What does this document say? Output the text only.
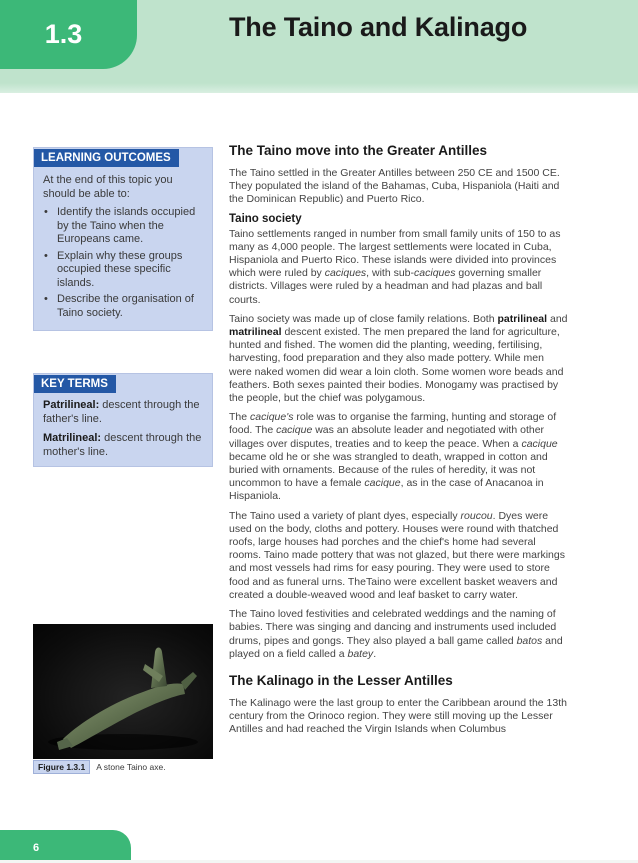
1.3	The Taino and Kalinago
LEARNING OUTCOMES

At the end of this topic you should be able to:

• Identify the islands occupied by the Taino when the Europeans came.
• Explain why these groups occupied these specific islands.
• Describe the organisation of Taino society.
KEY TERMS

Patrilineal: descent through the father's line.

Matrilineal: descent through the mother's line.

Figure 1.3.1	A stone Taino axe.
The Taino move into the Greater Antilles

The Taino settled in the Greater Antilles between 250 CE and 1500 CE. They populated the island of the Bahamas, Cuba, Hispaniola (Haiti and the Dominican Republic) and Puerto Rico.

Taino society

Taino settlements ranged in number from small family units of 150 to as many as 4,000 people. The largest settlements were located in Cuba, Hispaniola and Puerto Rico. These islands were divided into provinces which were ruled by caciques, with sub-caciques governing smaller districts. Villages were ruled by a headman and had plazas and ball courts.

Taino society was made up of close family relations. Both patrilineal and matrilineal descent existed. The men prepared the land for agriculture, hunted and fished. The women did the planting, weeding, fertilising, harvesting, food preparation and they also made pottery. While men were naked women did wear a loin cloth. Some women wore beads and feathers. Both sexes painted their bodies. Monogamy was practised by the people, but the chief was polygamous.

The cacique's role was to organise the farming, hunting and storage of food. The cacique was an absolute leader and negotiated with other villages over disputes, treaties and to keep the peace. When a cacique became old he or she was strangled to death, wrapped in cotton and buried with ornaments. Because of the rules of heredity, it was not uncommon to have a female cacique, as in the case of Anacanoa in Hispaniola.

The Taino used a variety of plant dyes, especially roucou. Dyes were used on the body, cloths and pottery. Houses were round with thatched roofs, large houses had porches and the chief's home had several rooms. Taino made pottery that was not glazed, but there were markings and most vessels had rims for easy pouring. They were used to store food and as funeral urns. TheTaino were excellent basket weavers and created a double-weaved wood and leaf basket to carry water.

The Taino loved festivities and celebrated weddings and the naming of babies. There was singing and dancing and instruments used included drums, pipes and gongs. They also played a ball game called batos and played on a field called a batey.

The Kalinago in the Lesser Antilles

The Kalinago were the last group to enter the Caribbean around the 13th century from the Orinoco region. They were still moving up the Lesser Antilles and had reached the Virgin Islands when Columbus

6
